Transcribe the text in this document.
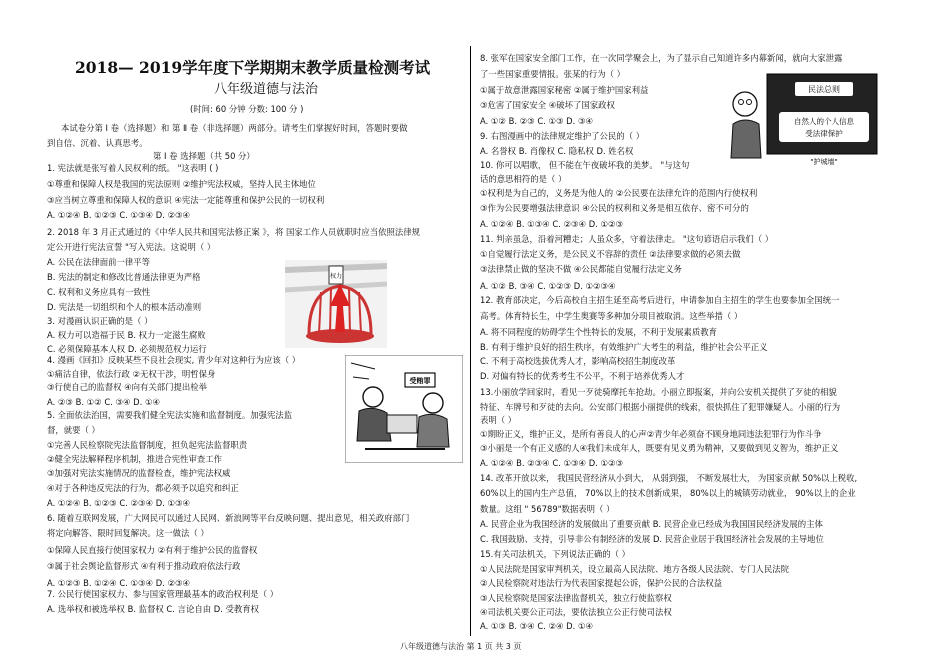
2018— 2019学年度下学期期末教学质量检测考试
八年级道德与法治
(时间: 60 分钟 分数: 100 分 )
权力
受贿罪
民法总则
自然人的个人信息
受法律保护
"护城墙"
八年级道德与法治 第 1 页 共 3 页
本试卷分第 Ⅰ 卷（选择题）和 第 Ⅱ 卷（非选择题）两部分。请考生们掌握好时间，答题时要做
到自信、沉着、认真思考。
第 Ⅰ 卷 选择题（共 50 分）
1. 宪法就是张写着人民权利的纸。 "这表明 ( )
①尊重和保障人权是我国的宪法原则 ②维护宪法权威，坚持人民主体地位
③应当树立尊重和保障人权的意识 ④宪法一定能尊重和保护公民的一切权利
A. ①②④ B. ①②③ C. ①③④ D. ②③④
2. 2018 年 3 月正式通过的《中华人民共和国宪法修正案 》，将 国家工作人员就职时应当依照法律规
定公开进行宪法宣誓 "写入宪法。这说明（ ）
A. 公民在法律面前一律平等
B. 宪法的制定和修改比普通法律更为严格
C. 权利和义务应具有一致性
D. 宪法是一切组织和个人的根本活动准则
3. 对漫画认识正确的是（ ）
A. 权力可以造福于民 B. 权力一定滋生腐败
C. 必须保障基本人权 D. 必须规范权力运行
4. 漫画《回扣》反映某些不良社会现实, 青少年对这种行为应该（ ）
①痛沽自律，依法行政 ②无权干涉，明哲保身
③行使自己的监督权 ④向有关部门提出检举
A. ②③ B. ①② C. ③④ D. ①④
5. 全面依法治国，需要我们健全宪法实施和监督制度。加强宪法监
督，就要（ ）
①完善人民检察院宪法监督制度，担负起宪法监督职责
②健全宪法解释程序机制，推进合宪性审查工作
③加强对宪法实施情况的监督检查，维护宪法权威
④对于各种违反宪法的行为，都必须予以追究和纠正
A. ①②④ B. ①②③ C. ②③④ D. ①③④
6. 随着互联网发展，广大网民可以通过人民网、新浪网等平台反映问题、提出意见，相关政府部门
将定向解答、限时回复解决。这一做法（ ）
①保障人民直接行使国家权力 ②有利于维护公民的监督权
③属于社会舆论监督形式 ④有利于推动政府依法行政
A. ①②③ B. ①②④ C. ①③④ D. ②③④
7. 公民行使国家权力、参与国家管理最基本的政治权利是（ ）
A. 选举权和被选举权 B. 监督权 C. 言论自由 D. 受教育权
8. 张军在国家安全部门工作，在一次同学聚会上，为了显示自己知道许多内幕新闻，就向大家泄露
了一些国家重要情报。张某的行为（ ）
①属于故意泄露国家秘密 ②属于维护国家利益
③危害了国家安全 ④破坏了国家政权
A. ①② B. ②③ C. ①③ D. ③④
9. 右图漫画中的法律规定维护了公民的（ ）
A. 名誉权 B. 肖像权 C. 隐私权 D. 姓名权
10. 你可以唱歌， 但不能在午夜破坏我的美梦。 "与这句
话的意思相符的是（ ）
①权利是为自己的，义务是为他人的 ②公民要在法律允许的范围内行使权利
③作为公民要增强法律意识 ④公民的权利和义务是相互依存、密不可分的
A. ①②④ B. ①③④ C. ②③④ D. ①②③
11. 判亲虽急，沿着河糟走；人虽众多，守着法律走。 "这句谚语启示我们（ ）
①自觉履行法定义务，是公民义不容辞的责任 ②法律要求做的必须去做
③法律禁止做的坚决不做 ④公民都能自觉履行法定义务
A. ①② B. ③④ C. ①②③ D. ①②③④
12. 教育部决定，今后高校自主招生延至高考后进行，申请参加自主招生的学生也要参加全国统一
高考。体育特长生，中学生奥赛等多种加分项目被取消。这些举措（ ）
A. 将不同程度的妨碍学生个性特长的发展，不利于发展素质教育
B. 有利于维护良好的招生秩序，有效维护广大考生的利益，维护社会公平正义
C. 不利于高校选拔优秀人才，影响高校招生制度改革
D. 对偏有特长的优秀考生不公平，不利于培养优秀人才
13.小丽放学回家时，看见一歹徒骑摩托车抢劫。小丽立即报案，并向公安机关提供了歹徒的相貌
特征、车牌号和歹徒的去向。公安部门根据小丽提供的线索，很快抓住了犯罪嫌疑人。小丽的行为
表明（ ）
①期盼正义，维护正义，是所有善良人的心声②青少年必须奋不顾身地同违法犯罪行为作斗争
③小丽是一个有正义感的人④我们未成年人，既要有见义勇为精神，又要做到见义智为，维护正义
A. ①②④ B. ②③④ C. ①③④ D. ①②③
14. 改革开放以来， 我国民营经济从小到大， 从弱到强， 不断发展壮大， 为国家贡献 50%以上税收,
60%以上的国内生产总值， 70%以上的技术创新成果， 80%以上的城镇劳动就业， 90%以上的企业
数量。这组 " 56789"数据表明（ ）
A. 民营企业为我国经济的发展做出了重要贡献 B. 民营企业已经成为我国国民经济发展的主体
C. 我国鼓励、支持，引导非公有制经济的发展 D. 民营企业居于我国经济社会发展的主导地位
15.有关司法机关，下列说法正确的（ ）
①人民法院是国家审判机关，设立最高人民法院、地方各级人民法院、专门人民法院
②人民检察院对违法行为代表国家提起公诉，保护公民的合法权益
③人民检察院是国家法律监督机关，独立行使监察权
④司法机关要公正司法，要依法独立公正行使司法权
A. ①③ B. ③④ C. ②④ D. ①④
